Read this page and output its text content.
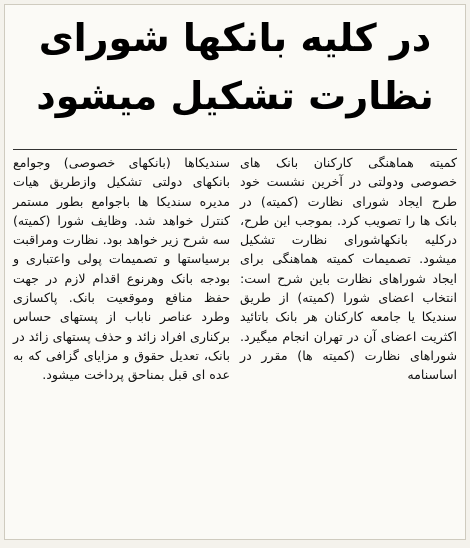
در کلیه بانکها شورای
نظارت تشکیل میشود

کمیته هماهنگی کارکنان بانک های خصوصی ودولتی در آخرین نشست خود طرح ایجاد شورای نظارت (کمیته) در بانک ها را تصویب کرد. بموجب این طرح، درکلیه بانکهاشورای نظارت تشکیل میشود. تصمیمات کمیته هماهنگی برای ایجاد شوراهای نظارت باین شرح است: انتخاب اعضای شورا (کمیته) از طریق سندیکا یا جامعه کارکنان هر بانک باتائید اکثریت اعضای آن در تهران انجام میگیرد. شوراهای نظارت (کمیته ها) مقرر در اساسنامه

سندیکاها (بانکهای خصوصی) وجوامع بانکهای دولتی تشکیل وازطریق هیات مدیره سندیکا ها باجوامع بطور مستمر کنترل خواهد شد. وظایف شورا (کمیته) سه شرح زیر خواهد بود. نظارت ومراقبت برسیاستها و تصمیمات پولی واعتباری و بودجه بانک وهرنوع اقدام لازم در جهت حفظ منافع وموقعیت بانک. پاکسازی وطرد عناصر ناباب از پستهای حساس برکناری افراد زائد و حذف پستهای زائد در بانک، تعدیل حقوق و مزایای گزافی که به عده ای قبل بمناحق پرداخت میشود.
